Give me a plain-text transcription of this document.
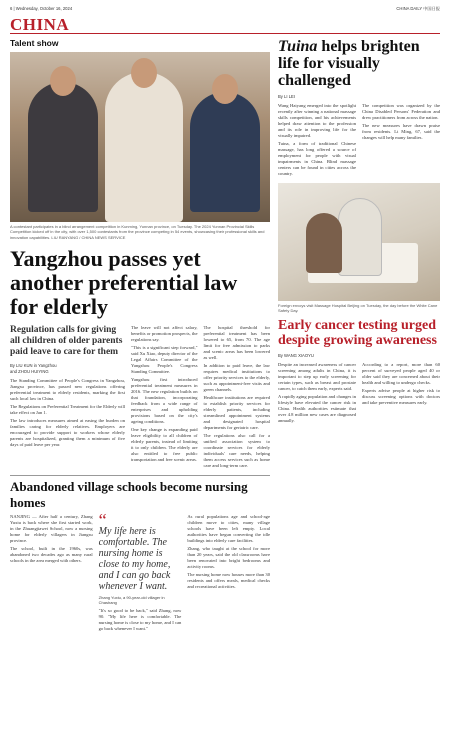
6 | Wednesday, October 16, 2024	CHINA DAILY 中国日报
CHINA
Talent show
A contestant participates in a blind arrangement competition in Kunming, Yunnan province, on Tuesday. The 2024 Yunnan Provincial Skills Competition kicked off in the city, with over 1,500 contestants from the province competing in 54 events, showcasing their professional skills and innovation capabilities. LIU RANYANG / CHINA NEWS SERVICE
Yangzhou passes yet another preferential law for elderly
Regulation calls for giving all children of older parents paid leave to care for them
By LIU KUN in Yangzhou
and ZHOU HUIYING

The Standing Committee of People's Congress in Yangzhou, Jiangsu province, has passed new regulations offering preferential treatment to elderly residents, marking the first such local law in China.

The Regulations on Preferential Treatment for the Elderly will take effect on Jan 1.

The law introduces measures aimed at easing the burden on families caring for elderly relatives. Employers are encouraged to provide support to workers whose elderly parents are hospitalized, granting them a minimum of five days of paid leave per year.

The leave will not affect salary, benefits or promotion prospects, the regulations say.

"This is a significant step forward," said Xu Xiao, deputy director of the Legal Affairs Committee of the Yangzhou People's Congress Standing Committee.

Yangzhou first introduced preferential treatment measures in 2016. The new regulation builds on that foundation, incorporating feedback from a wide range of enterprises and upholding provisions based on the city's ageing conditions.

One key change is expanding paid leave eligibility to all children of elderly parents, instead of limiting it to only children. The elderly are also entitled to free public transportation and free scenic areas.

The hospital threshold for preferential treatment has been lowered to 65, from 70. The age limit for free admission to parks and scenic areas has been lowered as well.

In addition to paid leave, the law requires medical institutions to offer priority services to the elderly, such as appointment-free visits and green channels.

Healthcare institutions are required to establish priority services for elderly patients, including streamlined appointment systems and designated hospital departments for geriatric care.

The regulations also call for a unified association system to coordinate services for elderly individuals' care needs, helping them access services such as home care and long-term care.

Abandoned village schools become nursing homes

NANJING — After half a century, Zhang Yuxiu is back where she first started work, in the Zhuangjiawei School, now a nursing home for elderly villagers in Jiangsu province.

The school, built in the 1960s, was abandoned two decades ago as many rural schools in the area merged with others.

“
My life here is comfortable. The nursing home is close to my home, and I can go back whenever I want.
Zhang Yuxiu, a 90-year-old villager in Chashang

"It's so good to be back," said Zhang, now 90. "My life here is comfortable. The nursing home is close to my home, and I can go back whenever I want."

As rural populations age and school-age children move to cities, many village schools have been left empty. Local authorities have begun converting the idle buildings into elderly care facilities.

Zhang, who taught at the school for more than 20 years, said the old classrooms have been renovated into bright bedrooms and activity rooms.

The nursing home now houses more than 30 residents and offers meals, medical checks and recreational activities.

Tuina helps brighten life for visually challenged
By LI LEI

Wang Haiyang emerged into the spotlight recently after winning a national massage skills competition, and his achievements helped draw attention to the profession and its role in improving life for the visually impaired.

Tuina, a form of traditional Chinese massage, has long offered a source of employment for people with visual impairments in China. Blind massage centers can be found in cities across the country.

The competition was organized by the China Disabled Persons' Federation and drew practitioners from across the nation.

The new measures have drawn praise from residents. Li Ming, 67, said the changes will help many families.

Foreign envoys visit Massage Hospital Beijing on Tuesday, the day before the White Cane Safety Day.
Early cancer testing urged despite growing awareness
By WANG XIAOYU

Despite an increased awareness of cancer screening among adults in China, it is important to step up early screening for certain types, such as breast and prostate cancer, to catch them early, experts said.

A rapidly aging population and changes in lifestyle have elevated the cancer risk in China. Health authorities estimate that over 4.8 million new cases are diagnosed annually.

According to a report, more than 60 percent of surveyed people aged 40 or older said they are concerned about their health and willing to undergo checks.

Experts advise people at higher risk to discuss screening options with doctors and take preventive measures early.
